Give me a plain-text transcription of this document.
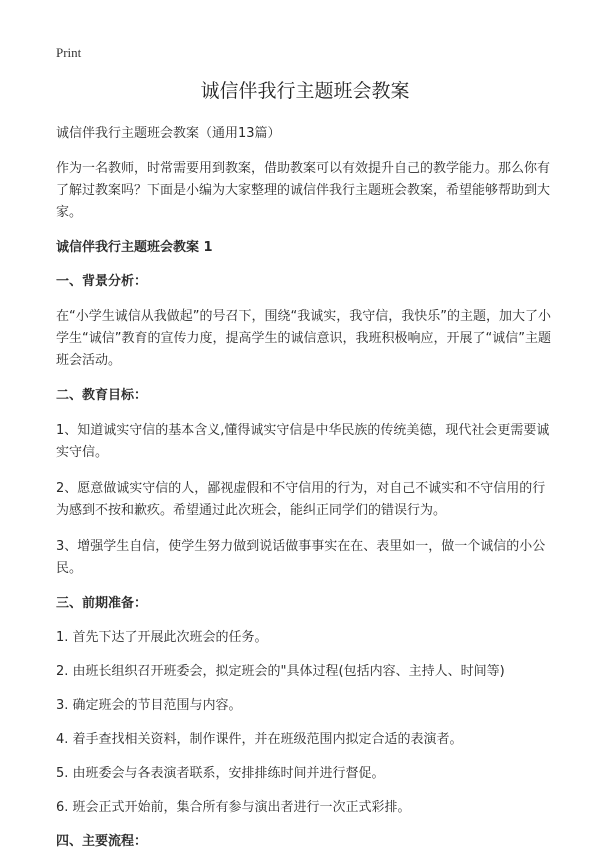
Print
诚信伴我行主题班会教案

诚信伴我行主题班会教案（通用13篇）

作为一名教师，时常需要用到教案，借助教案可以有效提升自己的教学能力。那么你有了解过教案吗？下面是小编为大家整理的诚信伴我行主题班会教案，希望能够帮助到大家。

诚信伴我行主题班会教案 1

一、背景分析：

在“小学生诚信从我做起”的号召下，围绕“我诚实，我守信，我快乐”的主题，加大了小学生“诚信”教育的宣传力度，提高学生的诚信意识，我班积极响应，开展了“诚信”主题班会活动。

二、教育目标：

1、知道诚实守信的基本含义,懂得诚实守信是中华民族的传统美德，现代社会更需要诚实守信。

2、愿意做诚实守信的人，鄙视虚假和不守信用的行为，对自己不诚实和不守信用的行为感到不按和歉疚。希望通过此次班会，能纠正同学们的错误行为。

3、增强学生自信，使学生努力做到说话做事事实在在、表里如一，做一个诚信的小公民。

三、前期准备：

1. 首先下达了开展此次班会的任务。

2. 由班长组织召开班委会，拟定班会的"具体过程(包括内容、主持人、时间等)

3. 确定班会的节目范围与内容。

4. 着手查找相关资料，制作课件，并在班级范围内拟定合适的表演者。

5. 由班委会与各表演者联系，安排排练时间并进行督促。

6. 班会正式开始前，集合所有参与演出者进行一次正式彩排。

四、主要流程：
